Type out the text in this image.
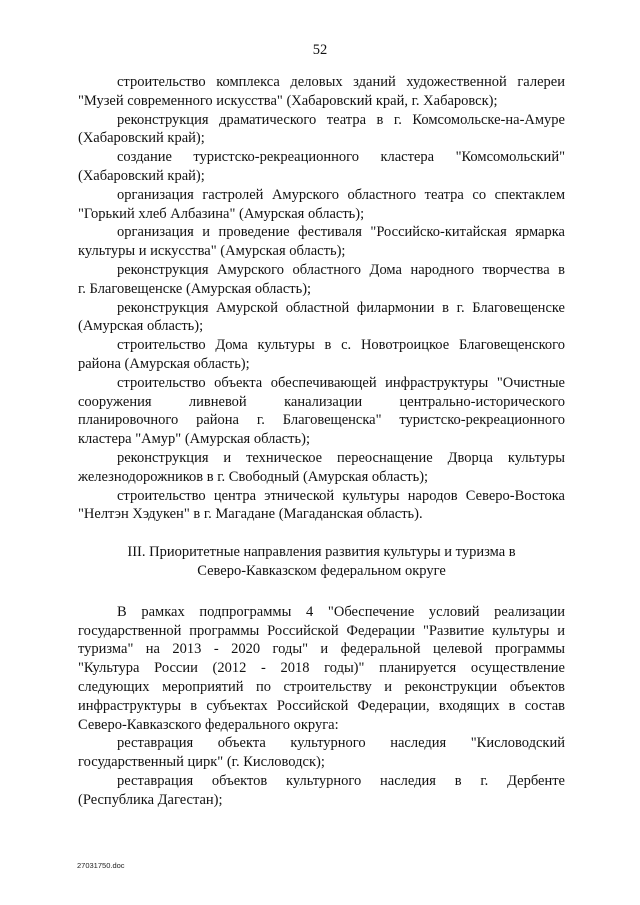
52
строительство комплекса деловых зданий художественной галереи
"Музей современного искусства" (Хабаровский край, г. Хабаровск);
реконструкция драматического театра в г. Комсомольске-на-Амуре
(Хабаровский край);
создание туристско-рекреационного кластера "Комсомольский"
(Хабаровский край);
организация гастролей Амурского областного театра со спектаклем
"Горький хлеб Албазина" (Амурская область);
организация и проведение фестиваля "Российско-китайская ярмарка
культуры и искусства" (Амурская область);
реконструкция Амурского областного Дома народного творчества в
г. Благовещенске (Амурская область);
реконструкция Амурской областной филармонии в г. Благовещенске
(Амурская область);
строительство Дома культуры в с. Новотроицкое Благовещенского
района (Амурская область);
строительство объекта обеспечивающей инфраструктуры "Очистные
сооружения ливневой канализации центрально-исторического
планировочного района г. Благовещенска" туристско-рекреационного
кластера "Амур" (Амурская область);
реконструкция и техническое переоснащение Дворца культуры
железнодорожников в г. Свободный (Амурская область);
строительство центра этнической культуры народов Северо-Востока
"Нелтэн Хэдукен" в г. Магадане (Магаданская область).
III. Приоритетные направления развития культуры и туризма в
Северо-Кавказском федеральном округе
В рамках подпрограммы 4 "Обеспечение условий реализации
государственной программы Российской Федерации "Развитие культуры и
туризма" на 2013 - 2020 годы" и федеральной целевой программы
"Культура России (2012 - 2018 годы)" планируется осуществление
следующих мероприятий по строительству и реконструкции объектов
инфраструктуры в субъектах Российской Федерации, входящих в состав
Северо-Кавказского федерального округа:
реставрация объекта культурного наследия "Кисловодский
государственный цирк" (г. Кисловодск);
реставрация объектов культурного наследия в г. Дербенте
(Республика Дагестан);
27031750.doc
